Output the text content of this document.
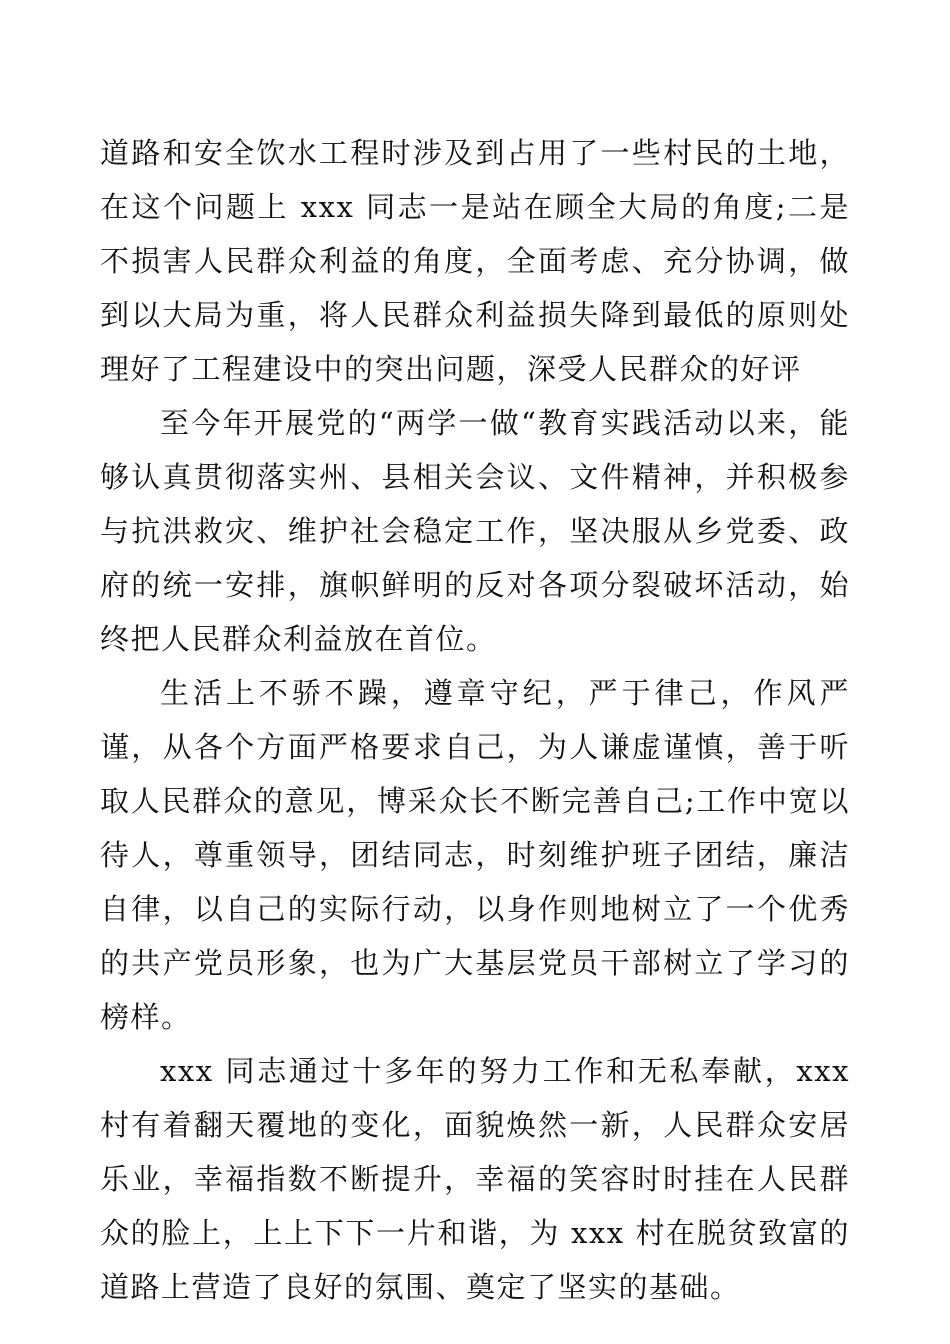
道路和安全饮水工程时涉及到占用了一些村民的土地，在这个问题上 xxx 同志一是站在顾全大局的角度;二是不损害人民群众利益的角度，全面考虑、充分协调，做到以大局为重，将人民群众利益损失降到最低的原则处理好了工程建设中的突出问题，深受人民群众的好评

至今年开展党的“两学一做“教育实践活动以来，能够认真贯彻落实州、县相关会议、文件精神，并积极参与抗洪救灾、维护社会稳定工作，坚决服从乡党委、政府的统一安排，旗帜鲜明的反对各项分裂破坏活动，始终把人民群众利益放在首位。

生活上不骄不躁，遵章守纪，严于律己，作风严谨，从各个方面严格要求自己，为人谦虚谨慎，善于听取人民群众的意见，博采众长不断完善自己;工作中宽以待人，尊重领导，团结同志，时刻维护班子团结，廉洁自律，以自己的实际行动，以身作则地树立了一个优秀的共产党员形象，也为广大基层党员干部树立了学习的榜样。

xxx 同志通过十多年的努力工作和无私奉献，xxx 村有着翻天覆地的变化，面貌焕然一新，人民群众安居乐业，幸福指数不断提升，幸福的笑容时时挂在人民群众的脸上，上上下下一片和谐，为 xxx 村在脱贫致富的道路上营造了良好的氛围、奠定了坚实的基础。
